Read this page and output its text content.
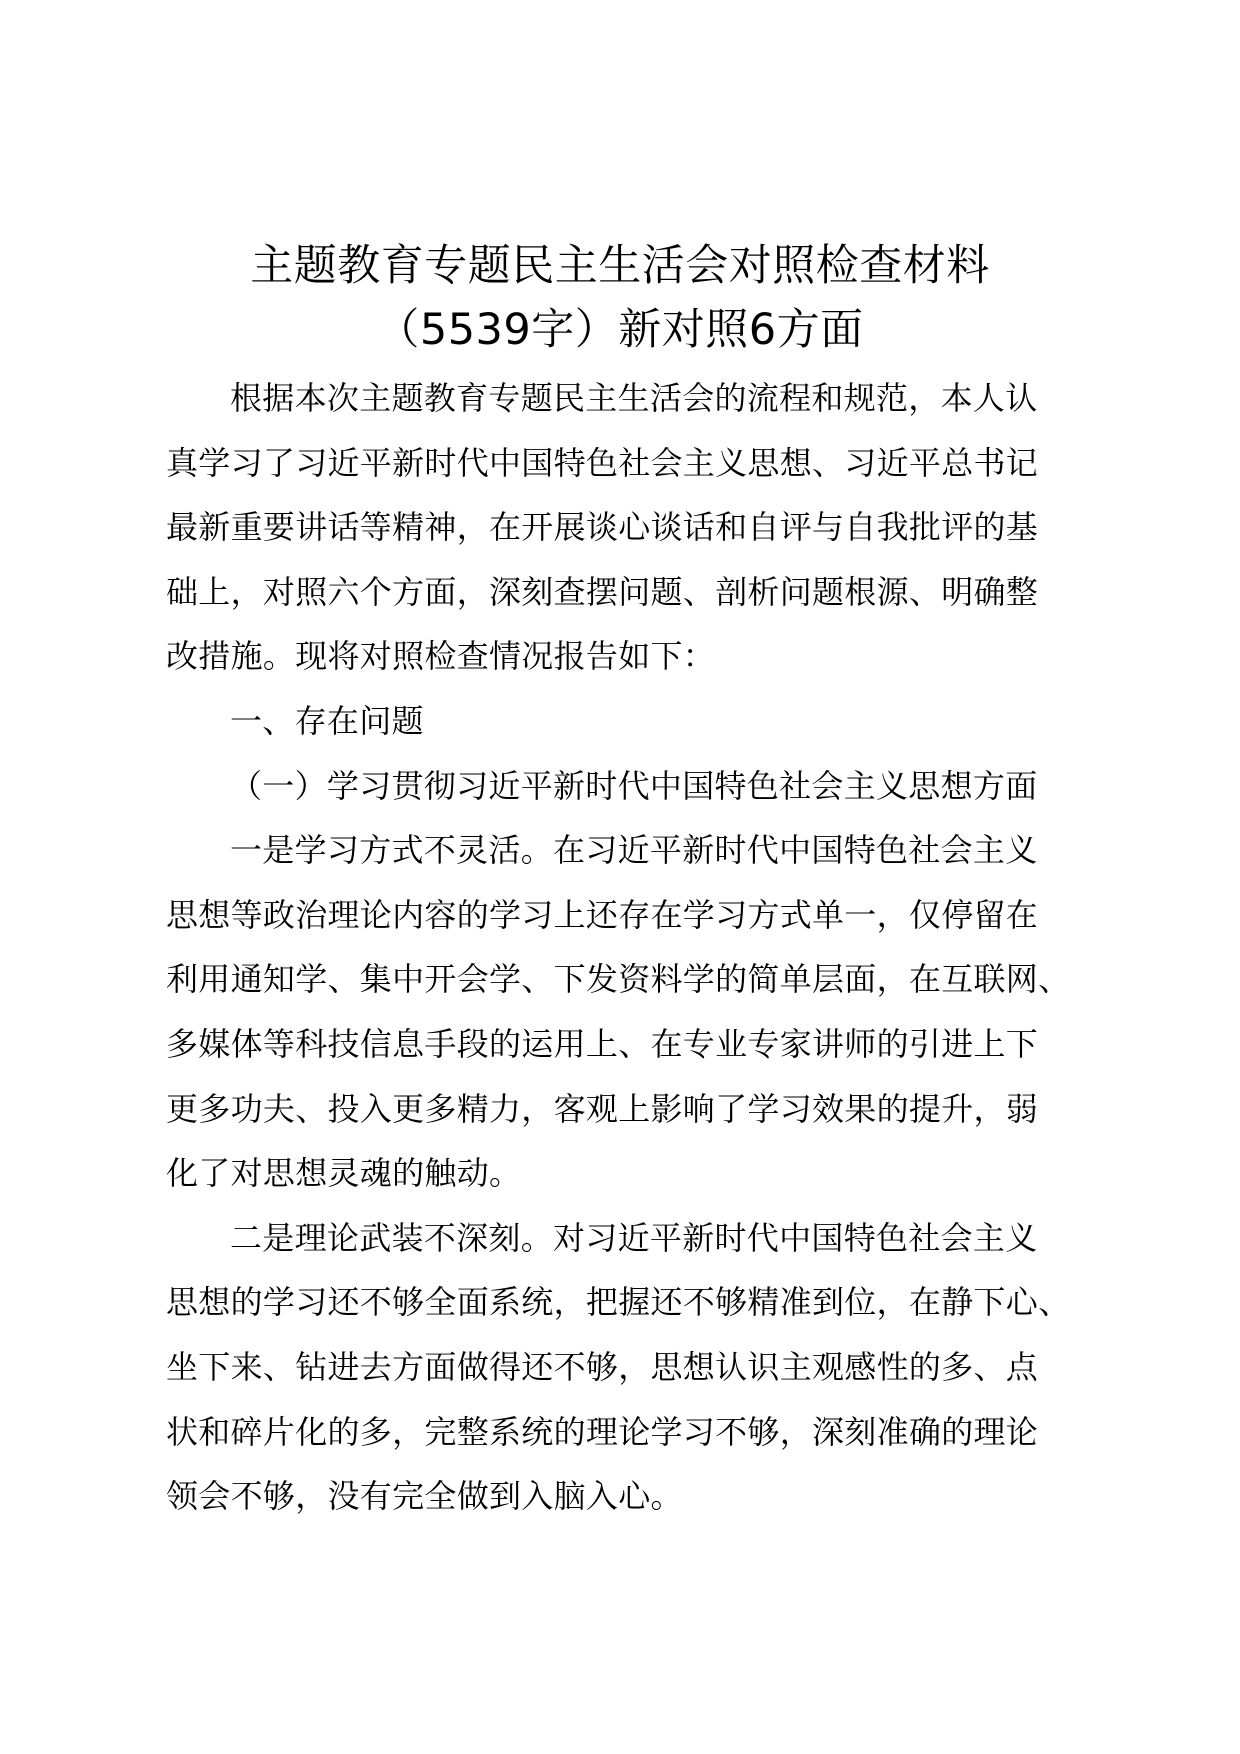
主题教育专题民主生活会对照检查材料
（5539字）新对照6方面
根据本次主题教育专题民主生活会的流程和规范，本人认
真学习了习近平新时代中国特色社会主义思想、习近平总书记
最新重要讲话等精神，在开展谈心谈话和自评与自我批评的基
础上，对照六个方面，深刻查摆问题、剖析问题根源、明确整
改措施。现将对照检查情况报告如下：
一、存在问题
（一）学习贯彻习近平新时代中国特色社会主义思想方面
一是学习方式不灵活。在习近平新时代中国特色社会主义
思想等政治理论内容的学习上还存在学习方式单一，仅停留在
利用通知学、集中开会学、下发资料学的简单层面，在互联网、
多媒体等科技信息手段的运用上、在专业专家讲师的引进上下
更多功夫、投入更多精力，客观上影响了学习效果的提升，弱
化了对思想灵魂的触动。
二是理论武装不深刻。对习近平新时代中国特色社会主义
思想的学习还不够全面系统，把握还不够精准到位，在静下心、
坐下来、钻进去方面做得还不够，思想认识主观感性的多、点
状和碎片化的多，完整系统的理论学习不够，深刻准确的理论
领会不够，没有完全做到入脑入心。
